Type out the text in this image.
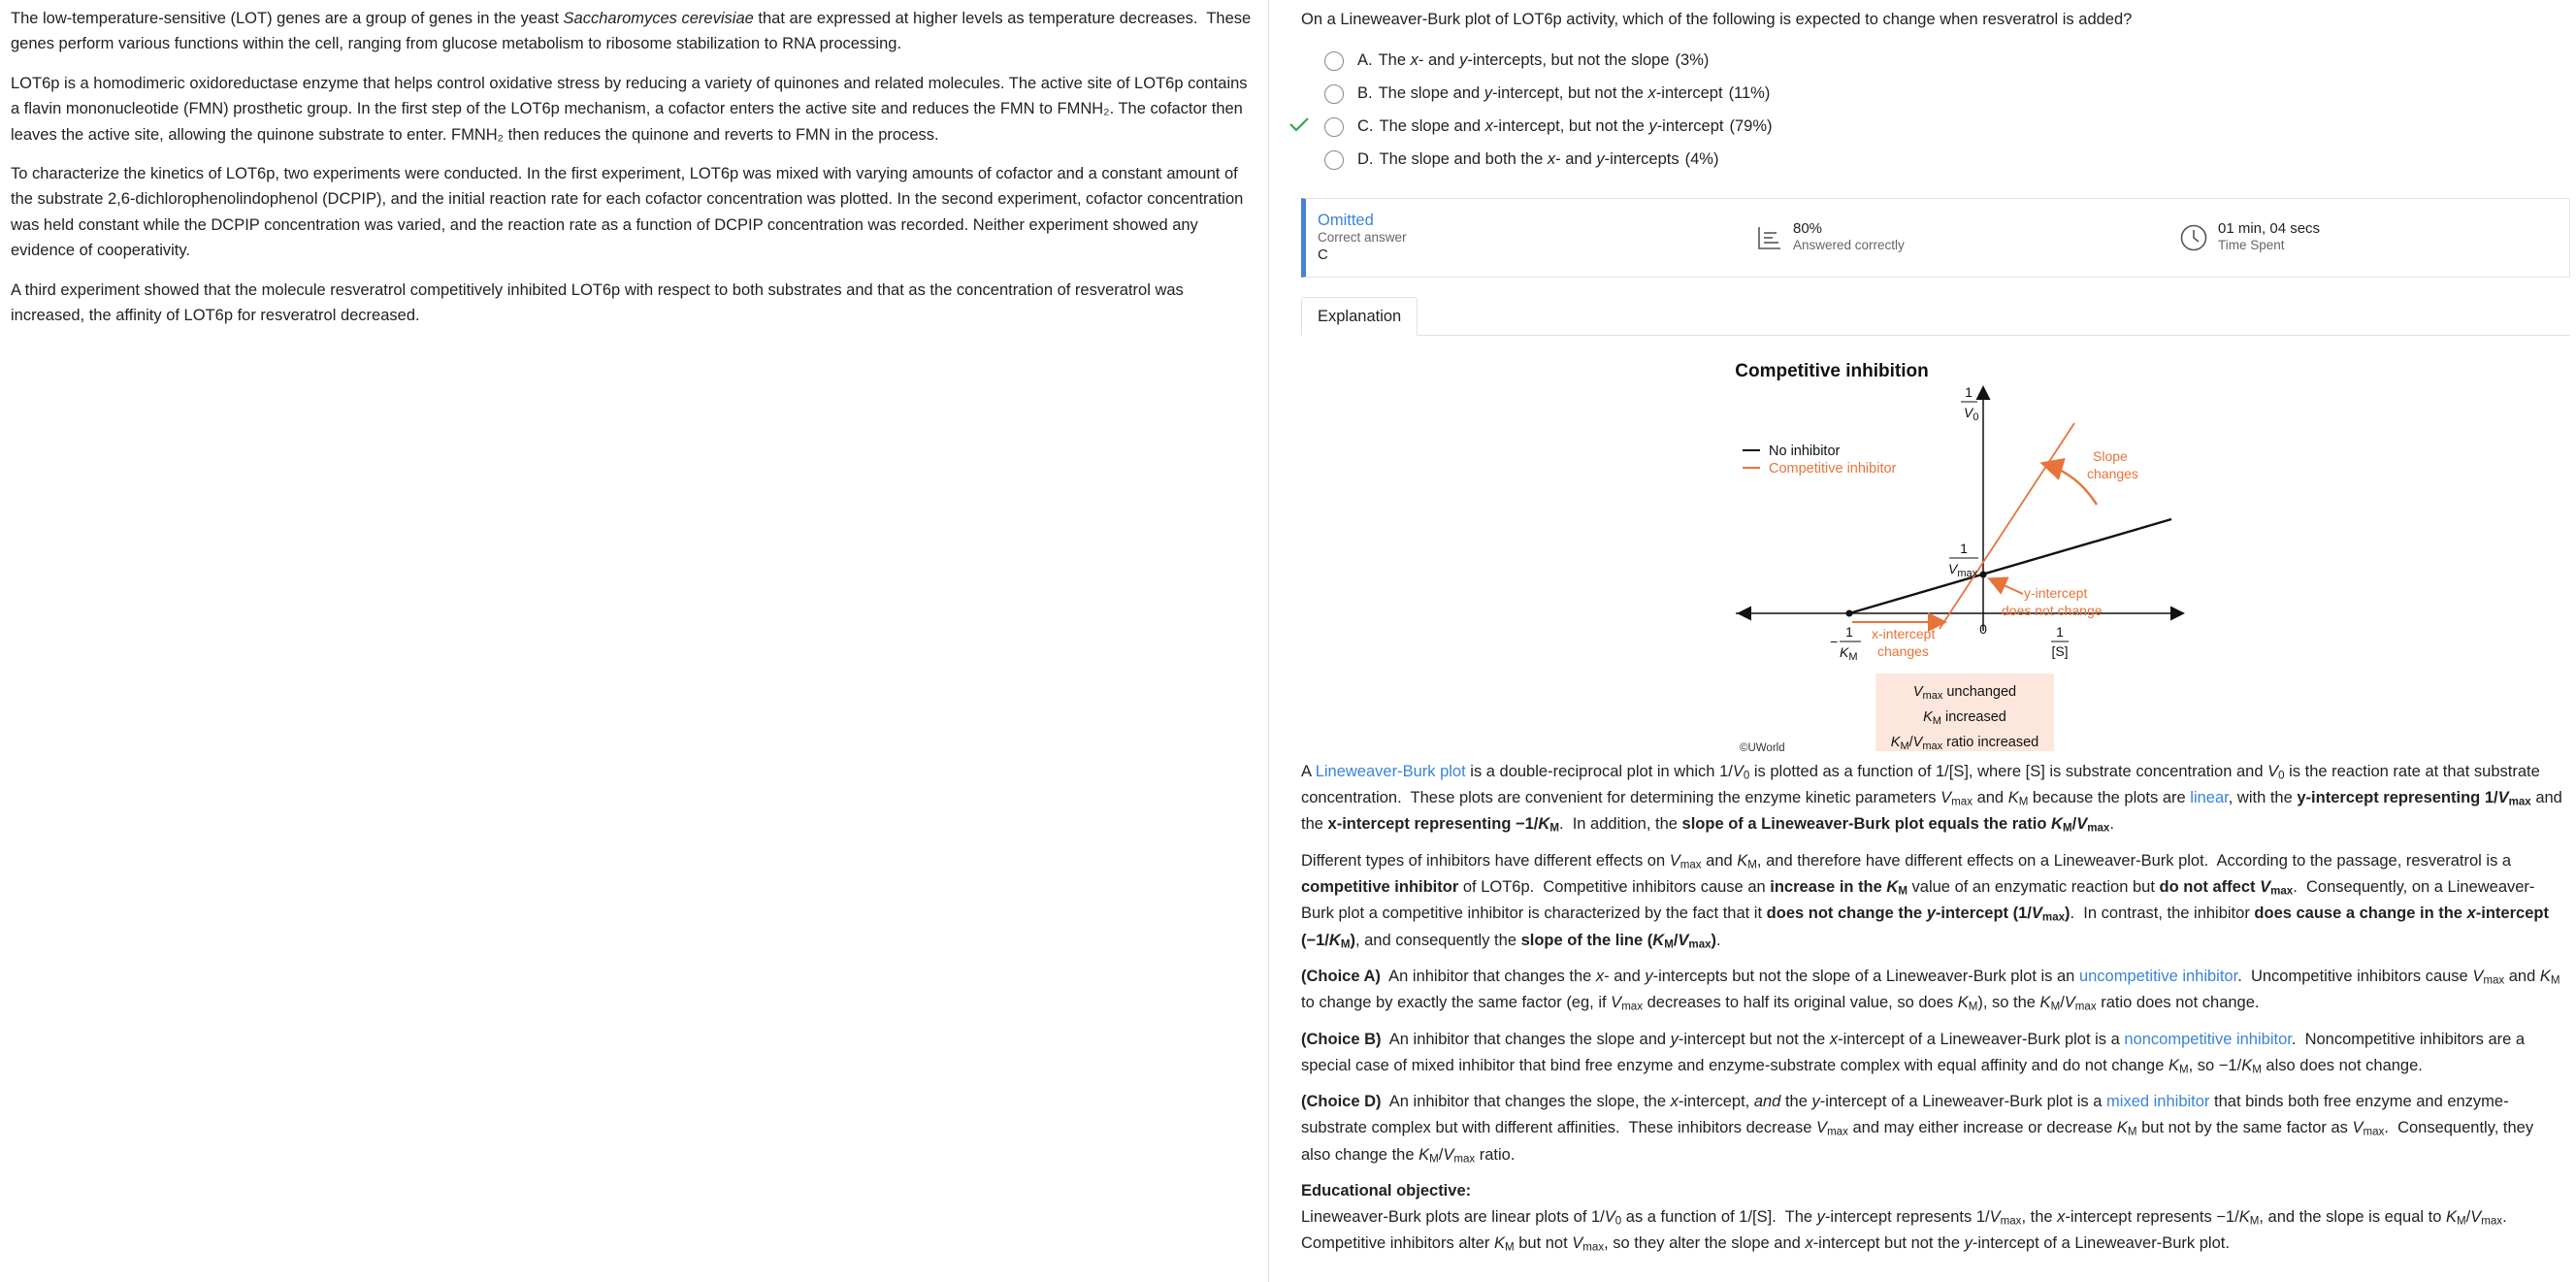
The low-temperature-sensitive (LOT) genes are a group of genes in the yeast Saccharomyces cerevisiae that are expressed at higher levels as temperature decreases.  These genes perform various functions within the cell, ranging from glucose metabolism to ribosome stabilization to RNA processing.

LOT6p is a homodimeric oxidoreductase enzyme that helps control oxidative stress by reducing a variety of quinones and related molecules. The active site of LOT6p contains a flavin mononucleotide (FMN) prosthetic group. In the first step of the LOT6p mechanism, a cofactor enters the active site and reduces the FMN to FMNH₂. The cofactor then leaves the active site, allowing the quinone substrate to enter. FMNH₂ then reduces the quinone and reverts to FMN in the process.

To characterize the kinetics of LOT6p, two experiments were conducted. In the first experiment, LOT6p was mixed with varying amounts of cofactor and a constant amount of the substrate 2,6-dichlorophenolindophenol (DCPIP), and the initial reaction rate for each cofactor concentration was plotted. In the second experiment, cofactor concentration was held constant while the DCPIP concentration was varied, and the reaction rate as a function of DCPIP concentration was recorded. Neither experiment showed any evidence of cooperativity.

A third experiment showed that the molecule resveratrol competitively inhibited LOT6p with respect to both substrates and that as the concentration of resveratrol was increased, the affinity of LOT6p for resveratrol decreased.

On a Lineweaver-Burk plot of LOT6p activity, which of the following is expected to change when resveratrol is added?
A. The x- and y-intercepts, but not the slope (3%)
B. The slope and y-intercept, but not the x-intercept (11%)
C. The slope and x-intercept, but not the y-intercept (79%)
D. The slope and both the x- and y-intercepts (4%)
Omitted
Correct answer
C
80%
Answered correctly
01 min, 04 secs
Time Spent
Explanation
Competitive inhibition
No inhibitor
Competitive inhibitor
Slope
changes
y-intercept
does not change
x-intercept
changes
0
1
$V_0$
1
[S]
1
$V_{max}$
−
1
$K_M$
$V_{max}$ unchanged
$K_M$ increased
$K_M/V_{max}$ ratio increased
©UWorld

A Lineweaver-Burk plot is a double-reciprocal plot in which 1/V0 is plotted as a function of 1/[S], where [S] is substrate concentration and V0 is the reaction rate at that substrate concentration.  These plots are convenient for determining the enzyme kinetic parameters Vmax and KM because the plots are linear, with the y-intercept representing 1/Vmax and the x-intercept representing −1/KM.  In addition, the slope of a Lineweaver-Burk plot equals the ratio KM/Vmax.

Different types of inhibitors have different effects on Vmax and KM, and therefore have different effects on a Lineweaver-Burk plot.  According to the passage, resveratrol is a competitive inhibitor of LOT6p.  Competitive inhibitors cause an increase in the KM value of an enzymatic reaction but do not affect Vmax.  Consequently, on a Lineweaver-Burk plot a competitive inhibitor is characterized by the fact that it does not change the y-intercept (1/Vmax).  In contrast, the inhibitor does cause a change in the x-intercept (−1/KM), and consequently the slope of the line (KM/Vmax).

(Choice A)  An inhibitor that changes the x- and y-intercepts but not the slope of a Lineweaver-Burk plot is an uncompetitive inhibitor.  Uncompetitive inhibitors cause Vmax and KM to change by exactly the same factor (eg, if Vmax decreases to half its original value, so does KM), so the KM/Vmax ratio does not change.

(Choice B)  An inhibitor that changes the slope and y-intercept but not the x-intercept of a Lineweaver-Burk plot is a noncompetitive inhibitor.  Noncompetitive inhibitors are a special case of mixed inhibitor that bind free enzyme and enzyme-substrate complex with equal affinity and do not change KM, so −1/KM also does not change.

(Choice D)  An inhibitor that changes the slope, the x-intercept, and the y-intercept of a Lineweaver-Burk plot is a mixed inhibitor that binds both free enzyme and enzyme-substrate complex but with different affinities.  These inhibitors decrease Vmax and may either increase or decrease KM but not by the same factor as Vmax.  Consequently, they also change the KM/Vmax ratio.

Educational objective:

Lineweaver-Burk plots are linear plots of 1/V0 as a function of 1/[S].  The y-intercept represents 1/Vmax, the x-intercept represents −1/KM, and the slope is equal to KM/Vmax.  Competitive inhibitors alter KM but not Vmax, so they alter the slope and x-intercept but not the y-intercept of a Lineweaver-Burk plot.
